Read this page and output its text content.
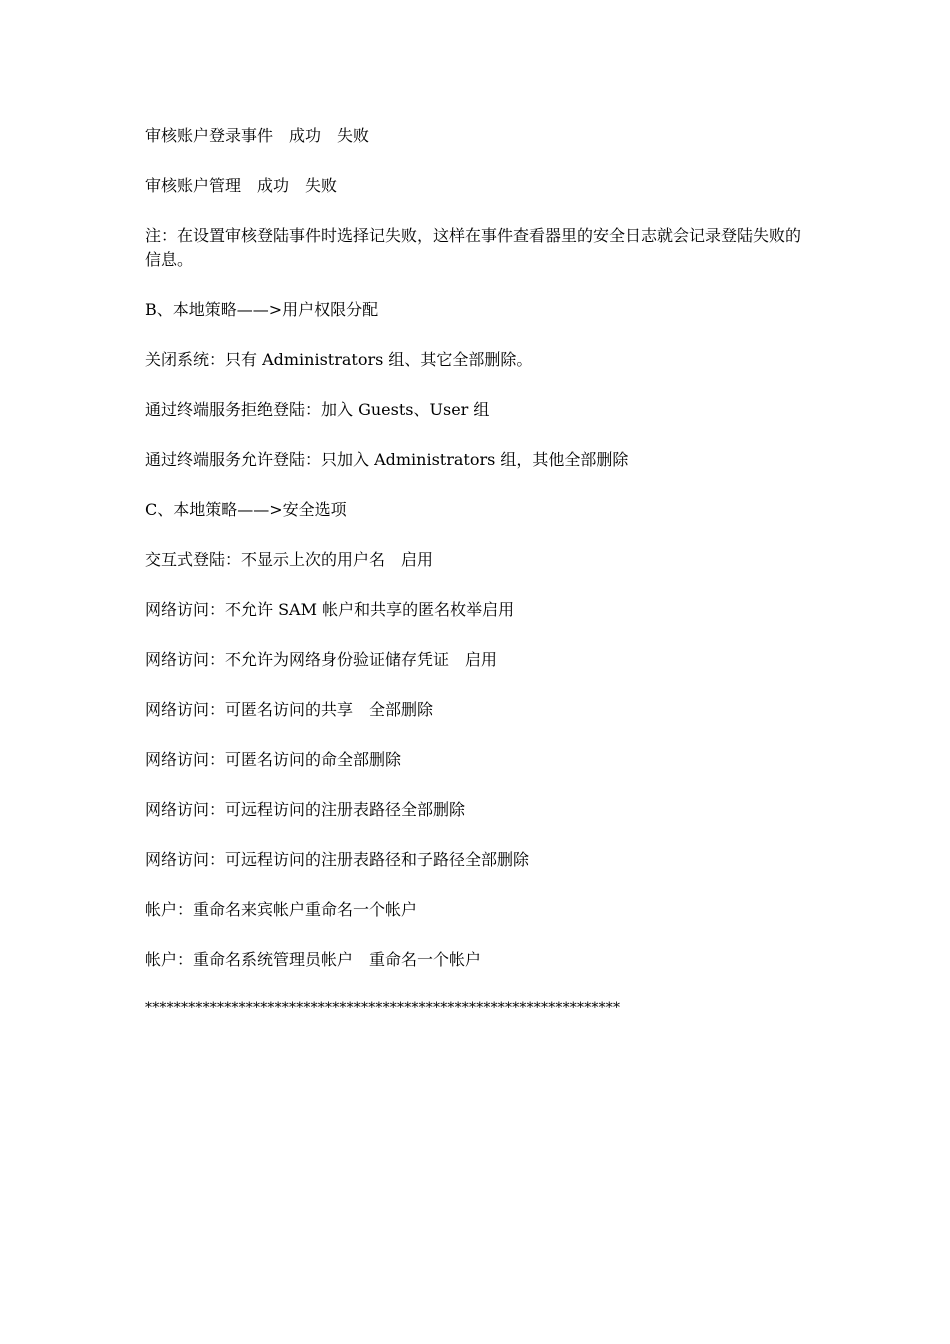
审核账户登录事件　成功　失败

审核账户管理　成功　失败

注：在设置审核登陆事件时选择记失败，这样在事件查看器里的安全日志就会记录登陆失败的信息。

B、本地策略——>用户权限分配

关闭系统：只有 Administrators 组、其它全部删除。

通过终端服务拒绝登陆：加入 Guests、User 组

通过终端服务允许登陆：只加入 Administrators 组，其他全部删除

C、本地策略——>安全选项

交互式登陆：不显示上次的用户名　启用

网络访问：不允许 SAM 帐户和共享的匿名枚举启用

网络访问：不允许为网络身份验证储存凭证　启用

网络访问：可匿名访问的共享　全部删除

网络访问：可匿名访问的命全部删除

网络访问：可远程访问的注册表路径全部删除

网络访问：可远程访问的注册表路径和子路径全部删除

帐户：重命名来宾帐户重命名一个帐户

帐户：重命名系统管理员帐户　重命名一个帐户

******************************************************************
